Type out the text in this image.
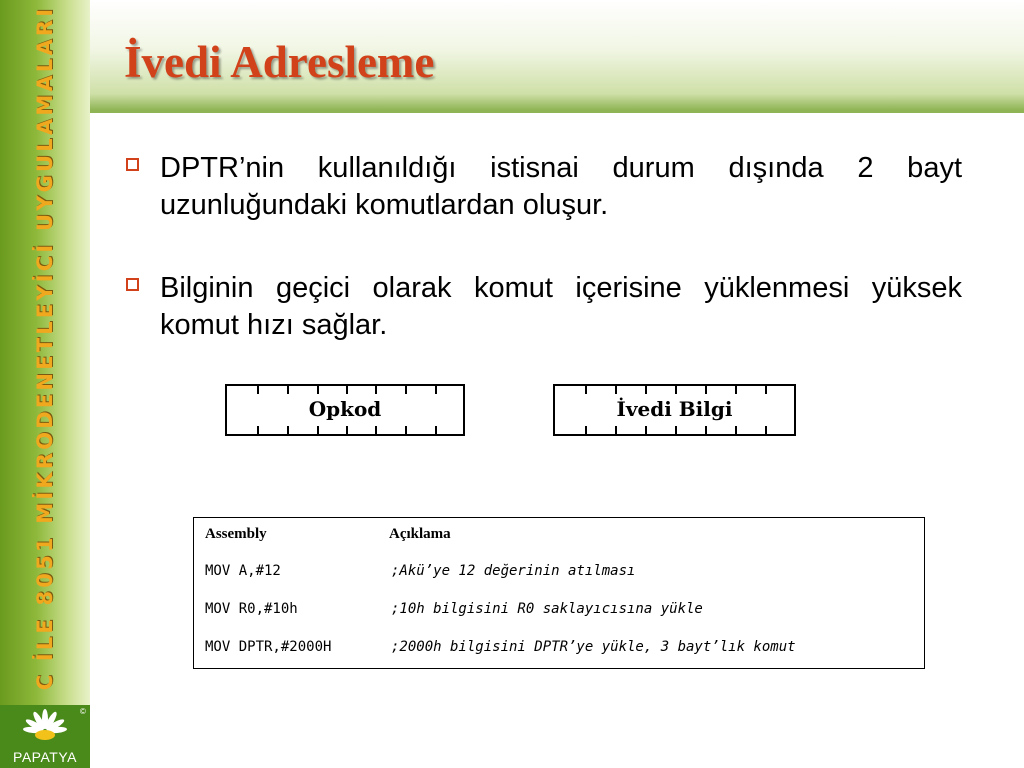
C İLE 8051 MİKRODENETLEYİCİ UYGULAMALARI
©
PAPATYA
İvedi Adresleme
DPTR’nin kullanıldığı istisnai durum dışında 2 bayt uzunluğundaki komutlardan oluşur.
Bilginin geçici olarak komut içerisine yüklenmesi yüksek komut hızı sağlar.
Opkod	İvedi Bilgi
Assembly	Açıklama
MOV A,#12	;Akü’ye 12 değerinin atılması
MOV R0,#10h	;10h bilgisini R0 saklayıcısına yükle
MOV DPTR,#2000H	;2000h bilgisini DPTR’ye yükle, 3 bayt’lık komut
